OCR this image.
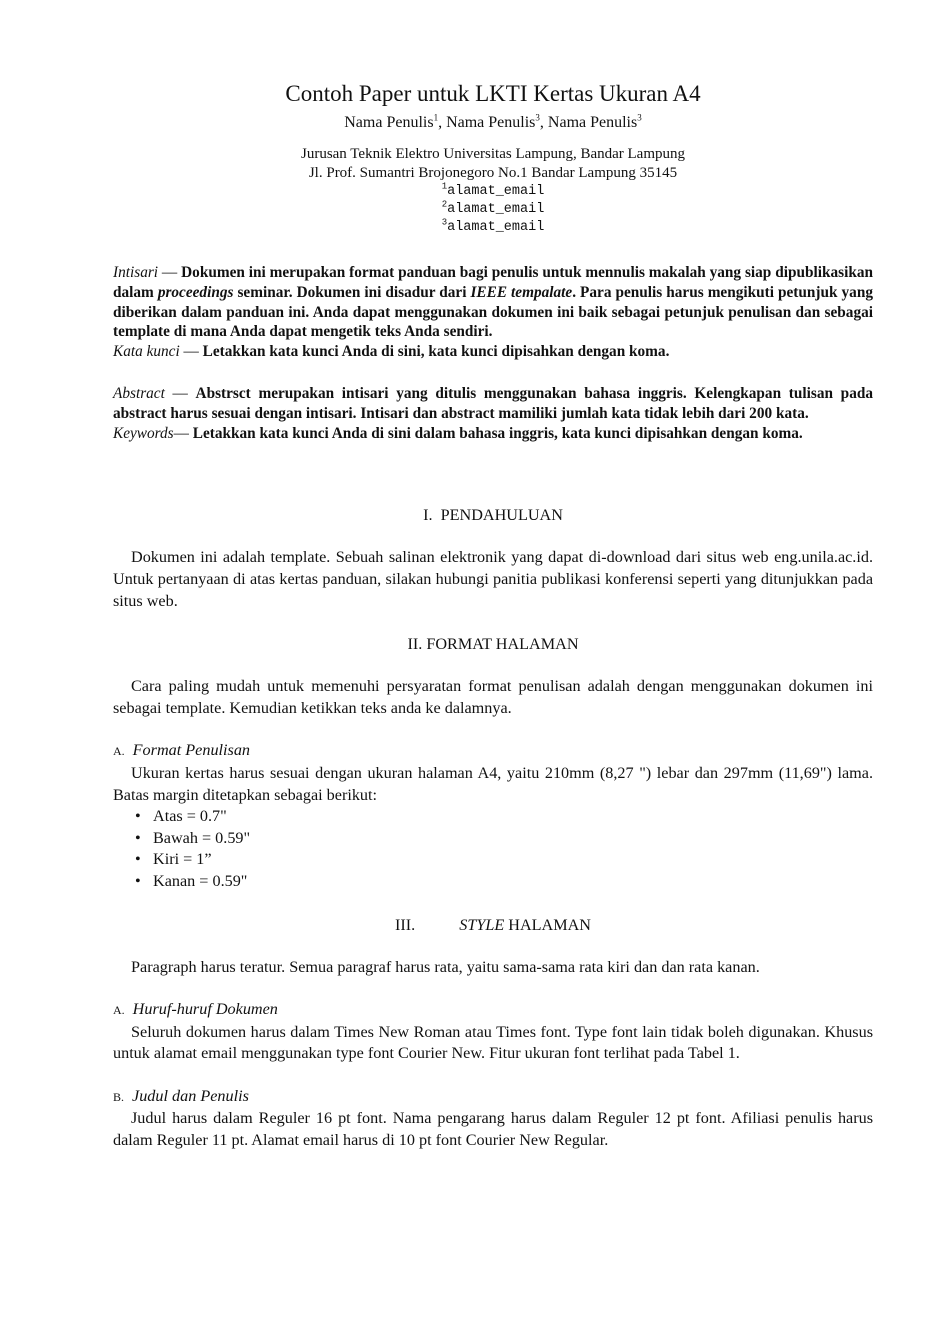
Contoh Paper untuk LKTI Kertas Ukuran A4
Nama Penulis$^1$, Nama Penulis$^3$, Nama Penulis$^3$
Jurusan Teknik Elektro Universitas Lampung, Bandar Lampung
Jl. Prof. Sumantri Brojonegoro No.1 Bandar Lampung 35145
$^1$alamat_email
$^2$alamat_email
$^3$alamat_email

Intisari — Dokumen ini merupakan format panduan bagi penulis untuk mennulis makalah yang siap dipublikasikan dalam proceedings seminar. Dokumen ini disadur dari IEEE tempalate. Para penulis harus mengikuti petunjuk yang diberikan dalam panduan ini. Anda dapat menggunakan dokumen ini baik sebagai petunjuk penulisan dan sebagai template di mana Anda dapat mengetik teks Anda sendiri.

Kata kunci — Letakkan kata kunci Anda di sini, kata kunci dipisahkan dengan koma.

Abstract — Abstrsct merupakan intisari yang ditulis menggunakan bahasa inggris. Kelengkapan tulisan pada abstract harus sesuai dengan intisari. Intisari dan abstract mamiliki jumlah kata tidak lebih dari 200 kata.

Keywords— Letakkan kata kunci Anda di sini dalam bahasa inggris, kata kunci dipisahkan dengan koma.

I.  PENDAHULUAN

Dokumen ini adalah template. Sebuah salinan elektronik yang dapat di-download dari situs web eng.unila.ac.id. Untuk pertanyaan di atas kertas panduan, silakan hubungi panitia publikasi konferensi seperti yang ditunjukkan pada situs web.

II. FORMAT HALAMAN

Cara paling mudah untuk memenuhi persyaratan format penulisan adalah dengan menggunakan dokumen ini sebagai template. Kemudian ketikkan teks anda ke dalamnya.

A. Format Penulisan

Ukuran kertas harus sesuai dengan ukuran halaman A4, yaitu 210mm (8,27 ") lebar dan 297mm (11,69") lama. Batas margin ditetapkan sebagai berikut:

• Atas = 0.7"
• Bawah = 0.59"
• Kiri = 1”
• Kanan = 0.59"
III.	STYLE HALAMAN

Paragraph harus teratur. Semua paragraf harus rata, yaitu sama-sama rata kiri dan dan rata kanan.

A. Huruf-huruf Dokumen

Seluruh dokumen harus dalam Times New Roman atau Times font. Type font lain tidak boleh digunakan. Khusus untuk alamat email menggunakan type font Courier New. Fitur ukuran font terlihat pada Tabel 1.

B. Judul dan Penulis

Judul harus dalam Reguler 16 pt font. Nama pengarang harus dalam Reguler 12 pt font. Afiliasi penulis harus dalam Reguler 11 pt. Alamat email harus di 10 pt font Courier New Regular.
